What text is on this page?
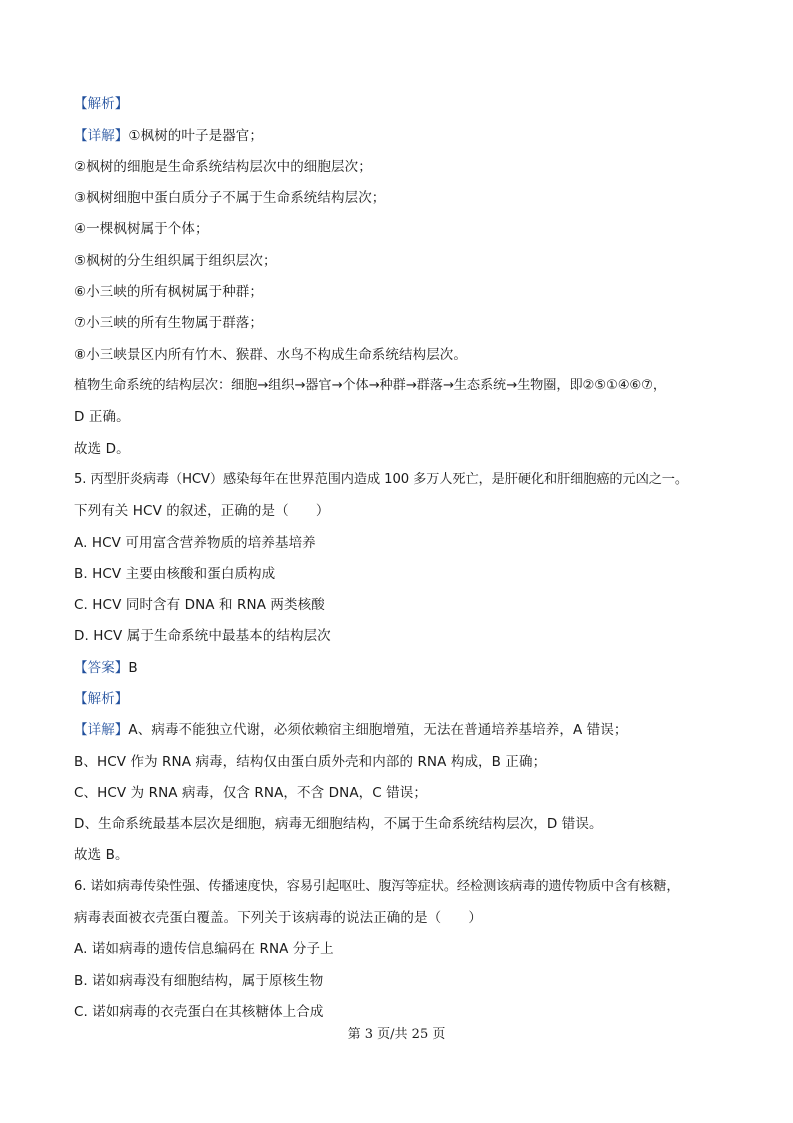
【解析】
【详解】①枫树的叶子是器官；
②枫树的细胞是生命系统结构层次中的细胞层次；
③枫树细胞中蛋白质分子不属于生命系统结构层次；
④一棵枫树属于个体；
⑤枫树的分生组织属于组织层次；
⑥小三峡的所有枫树属于种群；
⑦小三峡的所有生物属于群落；
⑧小三峡景区内所有竹木、猴群、水鸟不构成生命系统结构层次。
植物生命系统的结构层次：细胞→组织→器官→个体→种群→群落→生态系统→生物圈，即②⑤①④⑥⑦，
D 正确。
故选 D。
5. 丙型肝炎病毒（HCV）感染每年在世界范围内造成 100 多万人死亡，是肝硬化和肝细胞癌的元凶之一。
下列有关 HCV 的叙述，正确的是（　　）
A. HCV 可用富含营养物质的培养基培养
B. HCV 主要由核酸和蛋白质构成
C. HCV 同时含有 DNA 和 RNA 两类核酸
D. HCV 属于生命系统中最基本的结构层次
【答案】B
【解析】
【详解】A、病毒不能独立代谢，必须依赖宿主细胞增殖，无法在普通培养基培养，A 错误；
B、HCV 作为 RNA 病毒，结构仅由蛋白质外壳和内部的 RNA 构成，B 正确；
C、HCV 为 RNA 病毒，仅含 RNA，不含 DNA，C 错误；
D、生命系统最基本层次是细胞，病毒无细胞结构，不属于生命系统结构层次，D 错误。
故选 B。
6. 诺如病毒传染性强、传播速度快，容易引起呕吐、腹泻等症状。经检测该病毒的遗传物质中含有核糖，
病毒表面被衣壳蛋白覆盖。下列关于该病毒的说法正确的是（　　）
A. 诺如病毒的遗传信息编码在 RNA 分子上
B. 诺如病毒没有细胞结构，属于原核生物
C. 诺如病毒的衣壳蛋白在其核糖体上合成
第 3 页/共 25 页
